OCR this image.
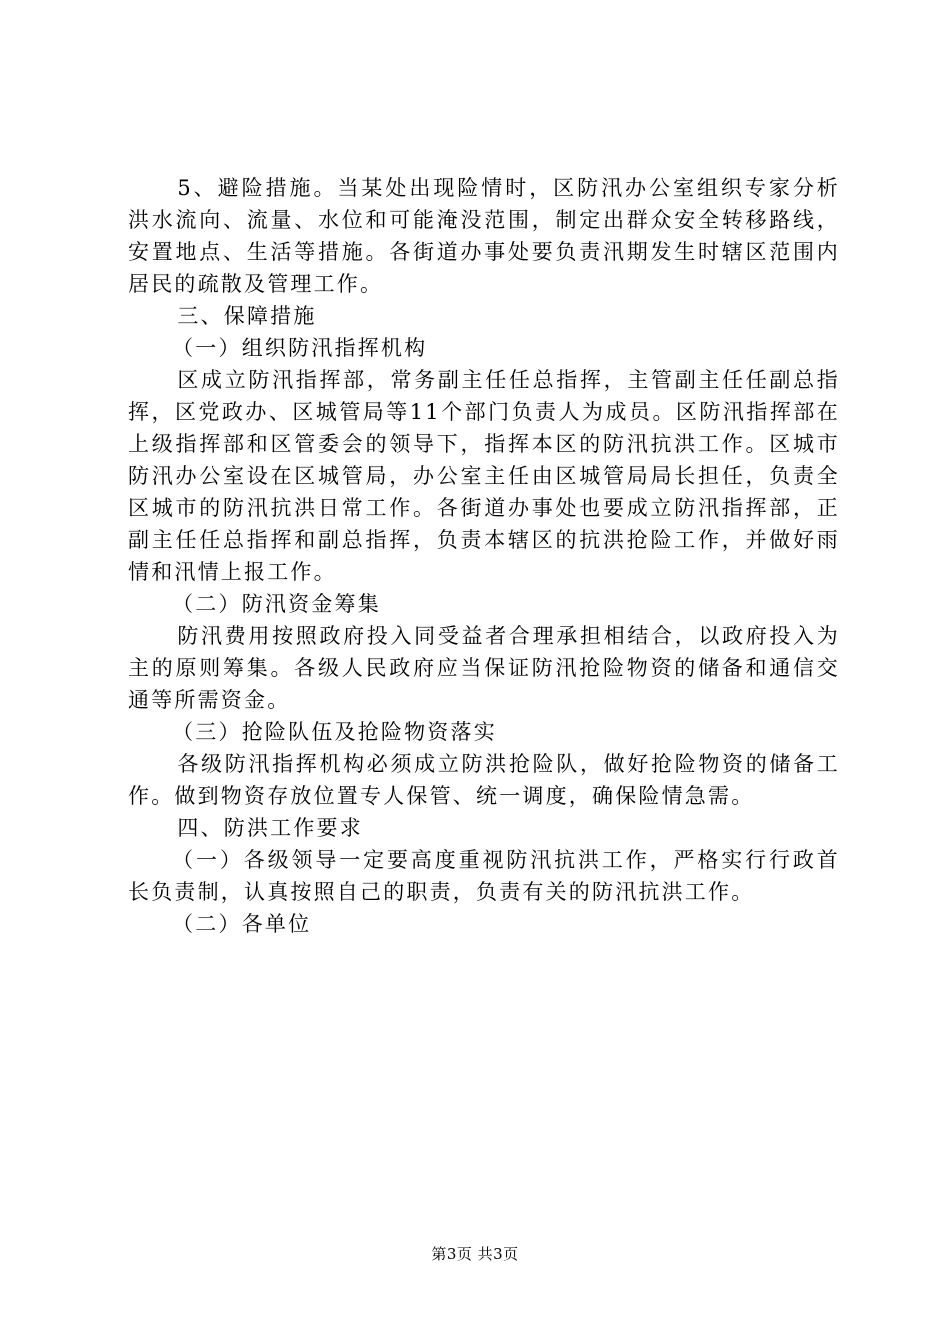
5、避险措施。当某处出现险情时，区防汛办公室组织专家分析洪水流向、流量、水位和可能淹没范围，制定出群众安全转移路线，安置地点、生活等措施。各街道办事处要负责汛期发生时辖区范围内居民的疏散及管理工作。

三、保障措施

（一）组织防汛指挥机构

区成立防汛指挥部，常务副主任任总指挥，主管副主任任副总指挥，区党政办、区城管局等11个部门负责人为成员。区防汛指挥部在上级指挥部和区管委会的领导下，指挥本区的防汛抗洪工作。区城市防汛办公室设在区城管局，办公室主任由区城管局局长担任，负责全区城市的防汛抗洪日常工作。各街道办事处也要成立防汛指挥部，正副主任任总指挥和副总指挥，负责本辖区的抗洪抢险工作，并做好雨情和汛情上报工作。

（二）防汛资金筹集

防汛费用按照政府投入同受益者合理承担相结合，以政府投入为主的原则筹集。各级人民政府应当保证防汛抢险物资的储备和通信交通等所需资金。

（三）抢险队伍及抢险物资落实

各级防汛指挥机构必须成立防洪抢险队，做好抢险物资的储备工作。做到物资存放位置专人保管、统一调度，确保险情急需。

四、防洪工作要求

（一）各级领导一定要高度重视防汛抗洪工作，严格实行行政首长负责制，认真按照自己的职责，负责有关的防汛抗洪工作。

（二）各单位

第3页 共3页
